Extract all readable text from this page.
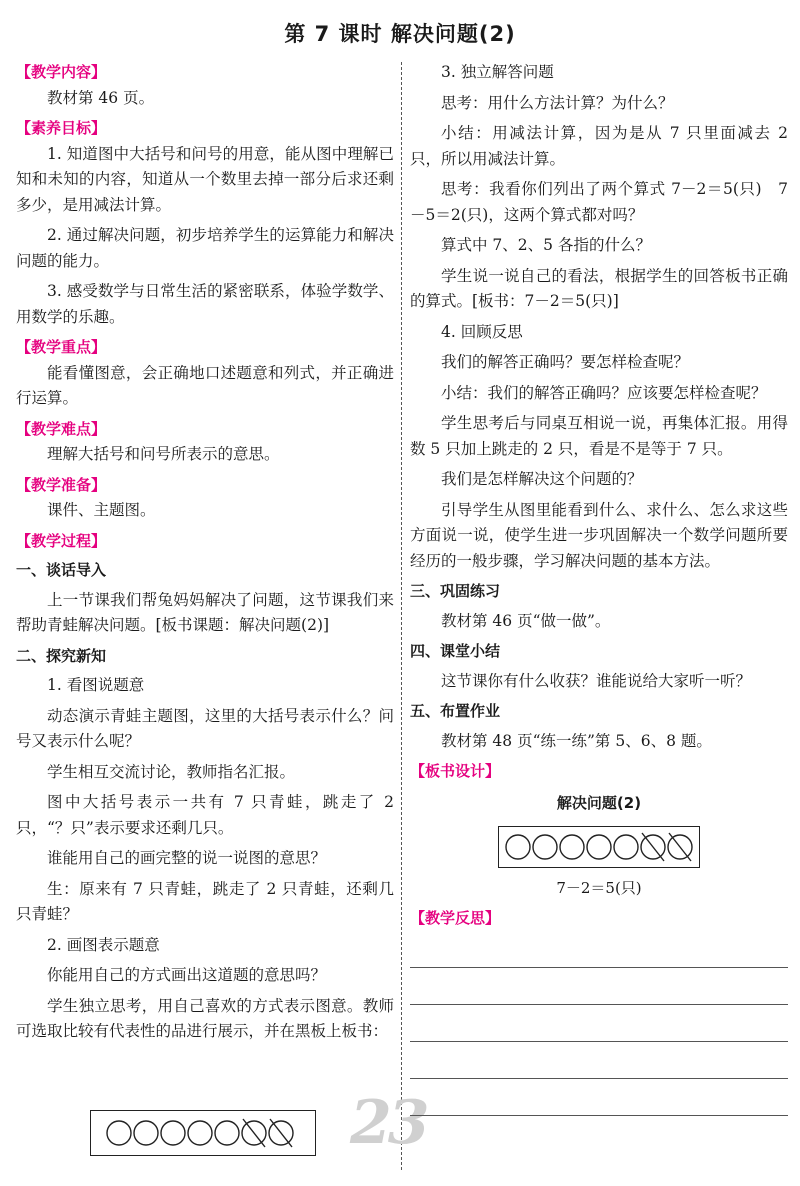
第 7 课时 解决问题(2)
【教学内容】

教材第 46 页。

【素养目标】

1. 知道图中大括号和问号的用意，能从图中理解已知和未知的内容，知道从一个数里去掉一部分后求还剩多少，是用减法计算。

2. 通过解决问题，初步培养学生的运算能力和解决问题的能力。

3. 感受数学与日常生活的紧密联系，体验学数学、用数学的乐趣。

【教学重点】

能看懂图意，会正确地口述题意和列式，并正确进行运算。

【教学难点】

理解大括号和问号所表示的意思。

【教学准备】

课件、主题图。

【教学过程】
一、谈话导入

上一节课我们帮兔妈妈解决了问题，这节课我们来帮助青蛙解决问题。[板书课题：解决问题(2)]

二、探究新知

1. 看图说题意

动态演示青蛙主题图，这里的大括号表示什么？问号又表示什么呢？

学生相互交流讨论，教师指名汇报。

图中大括号表示一共有 7 只青蛙，跳走了 2 只，“？只”表示要求还剩几只。

谁能用自己的画完整的说一说图的意思？

生：原来有 7 只青蛙，跳走了 2 只青蛙，还剩几只青蛙？

2. 画图表示题意

你能用自己的方式画出这道题的意思吗？

学生独立思考，用自己喜欢的方式表示图意。教师可选取比较有代表性的品进行展示，并在黑板上板书：

23

3. 独立解答问题

思考：用什么方法计算？为什么？

小结：用减法计算，因为是从 7 只里面减去 2 只，所以用减法计算。

思考：我看你们列出了两个算式 7－2＝5(只)　7－5＝2(只)，这两个算式都对吗？

算式中 7、2、5 各指的什么？

学生说一说自己的看法，根据学生的回答板书正确的算式。[板书：7－2＝5(只)]

4. 回顾反思

我们的解答正确吗？要怎样检查呢？

小结：我们的解答正确吗？应该要怎样检查呢？

学生思考后与同桌互相说一说，再集体汇报。用得数 5 只加上跳走的 2 只，看是不是等于 7 只。

我们是怎样解决这个问题的？

引导学生从图里能看到什么、求什么、怎么求这些方面说一说，使学生进一步巩固解决一个数学问题所要经历的一般步骤，学习解决问题的基本方法。

三、巩固练习

教材第 46 页“做一做”。

四、课堂小结

这节课你有什么收获？谁能说给大家听一听？

五、布置作业

教材第 48 页“练一练”第 5、6、8 题。

【板书设计】
解决问题(2)
7－2＝5(只)
【教学反思】
